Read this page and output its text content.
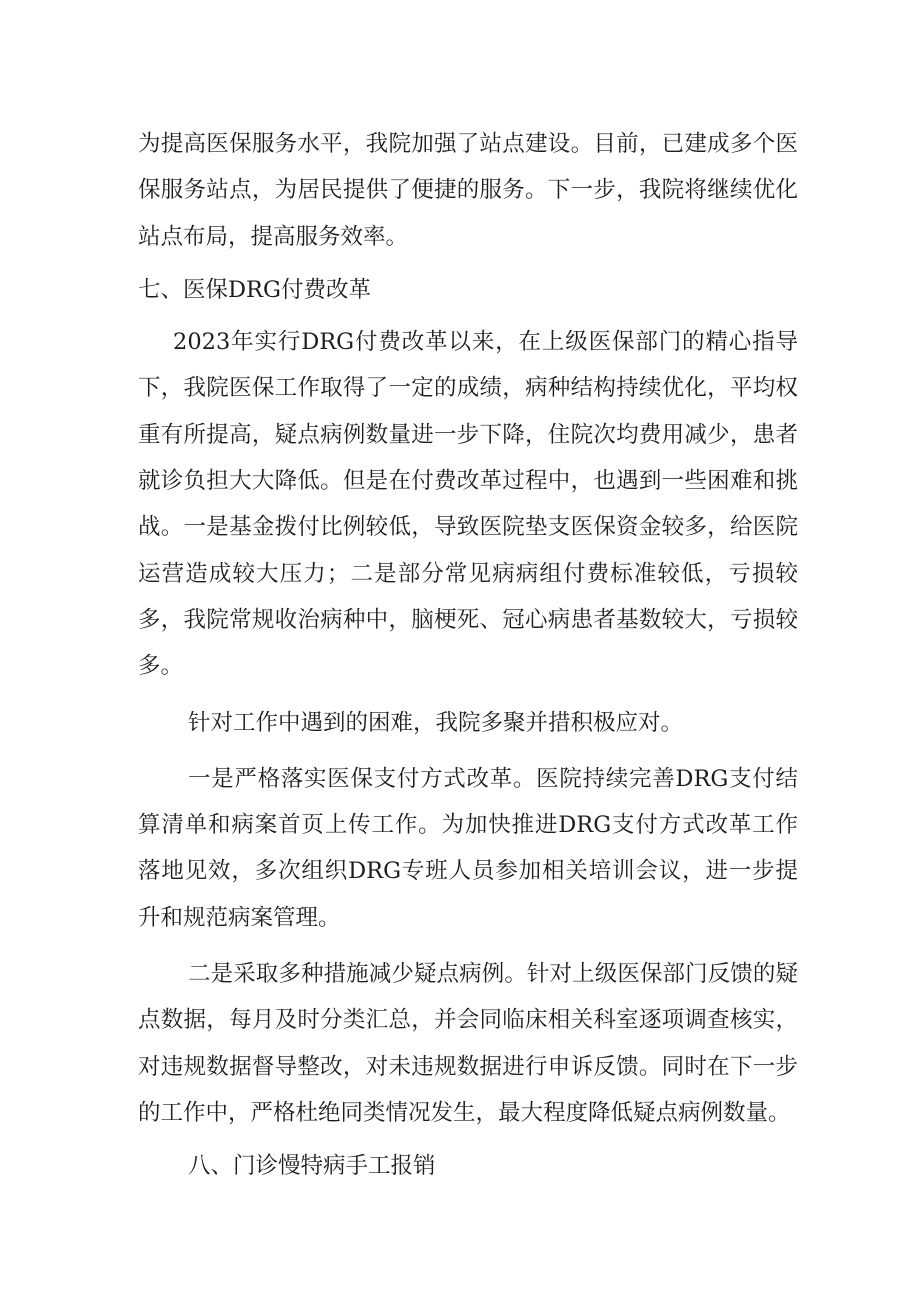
为提高医保服务水平，我院加强了站点建设。目前，已建成多个医保服务站点，为居民提供了便捷的服务。下一步，我院将继续优化站点布局，提高服务效率。

七、医保DRG付费改革

2023年实行DRG付费改革以来，在上级医保部门的精心指导下，我院医保工作取得了一定的成绩，病种结构持续优化，平均权重有所提高，疑点病例数量进一步下降，住院次均费用减少，患者就诊负担大大降低。但是在付费改革过程中，也遇到一些困难和挑战。一是基金拨付比例较低，导致医院垫支医保资金较多，给医院运营造成较大压力；二是部分常见病病组付费标准较低，亏损较多，我院常规收治病种中，脑梗死、冠心病患者基数较大，亏损较多。

针对工作中遇到的困难，我院多聚并措积极应对。

一是严格落实医保支付方式改革。医院持续完善DRG支付结算清单和病案首页上传工作。为加快推进DRG支付方式改革工作落地见效，多次组织DRG专班人员参加相关培训会议，进一步提升和规范病案管理。

二是采取多种措施减少疑点病例。针对上级医保部门反馈的疑点数据，每月及时分类汇总，并会同临床相关科室逐项调查核实，对违规数据督导整改，对未违规数据进行申诉反馈。同时在下一步的工作中，严格杜绝同类情况发生，最大程度降低疑点病例数量。

八、门诊慢特病手工报销
